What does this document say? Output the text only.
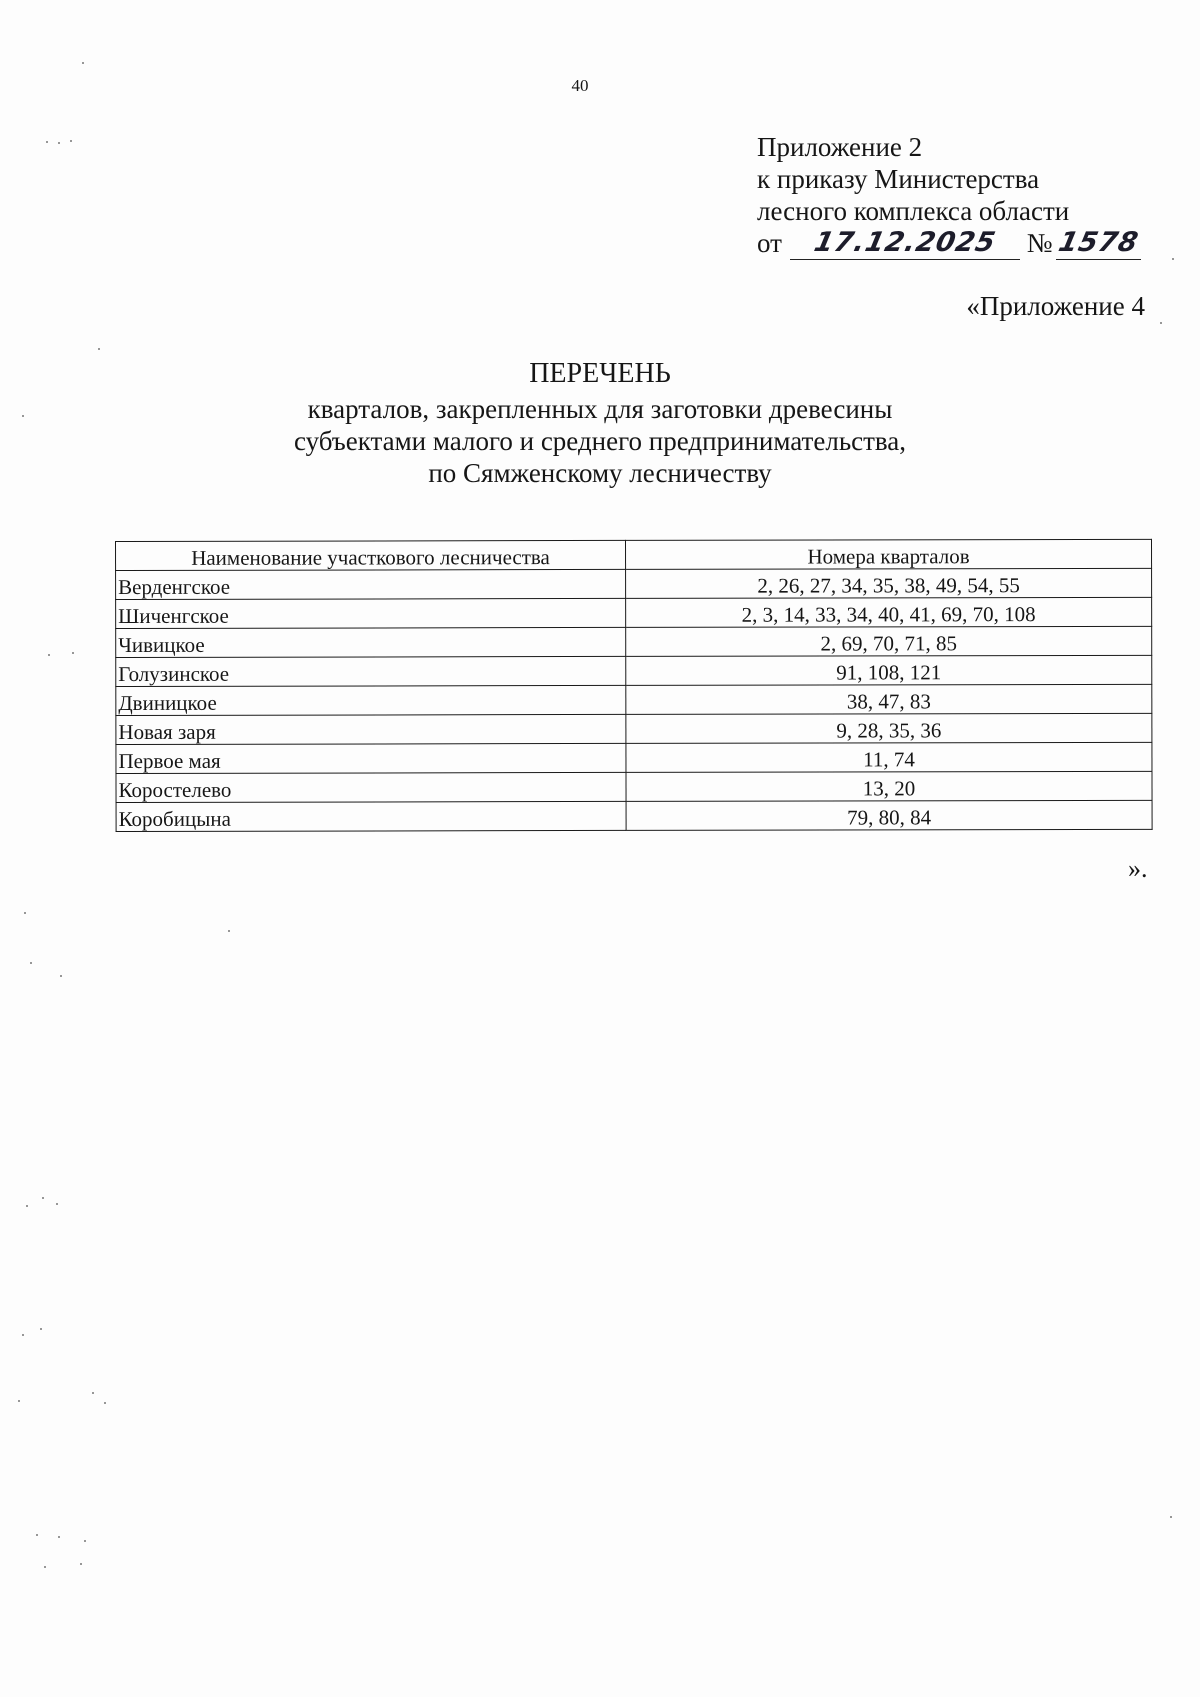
40
Приложение 2
к приказу Министерства
лесного комплекса области
от	17.12.2025	№ 1578
«Приложение 4
ПЕРЕЧЕНЬ
кварталов, закрепленных для заготовки древесины
субъектами малого и среднего предпринимательства,
по Сямженскому лесничеству
Наименование участкового лесничества	Номера кварталов
Верденгское	2, 26, 27, 34, 35, 38, 49, 54, 55
Шиченгское	2, 3, 14, 33, 34, 40, 41, 69, 70, 108
Чивицкое	2, 69, 70, 71, 85
Голузинское	91, 108, 121
Двиницкое	38, 47, 83
Новая заря	9, 28, 35, 36
Первое мая	11, 74
Коростелево	13, 20
Коробицына	79, 80, 84
».
